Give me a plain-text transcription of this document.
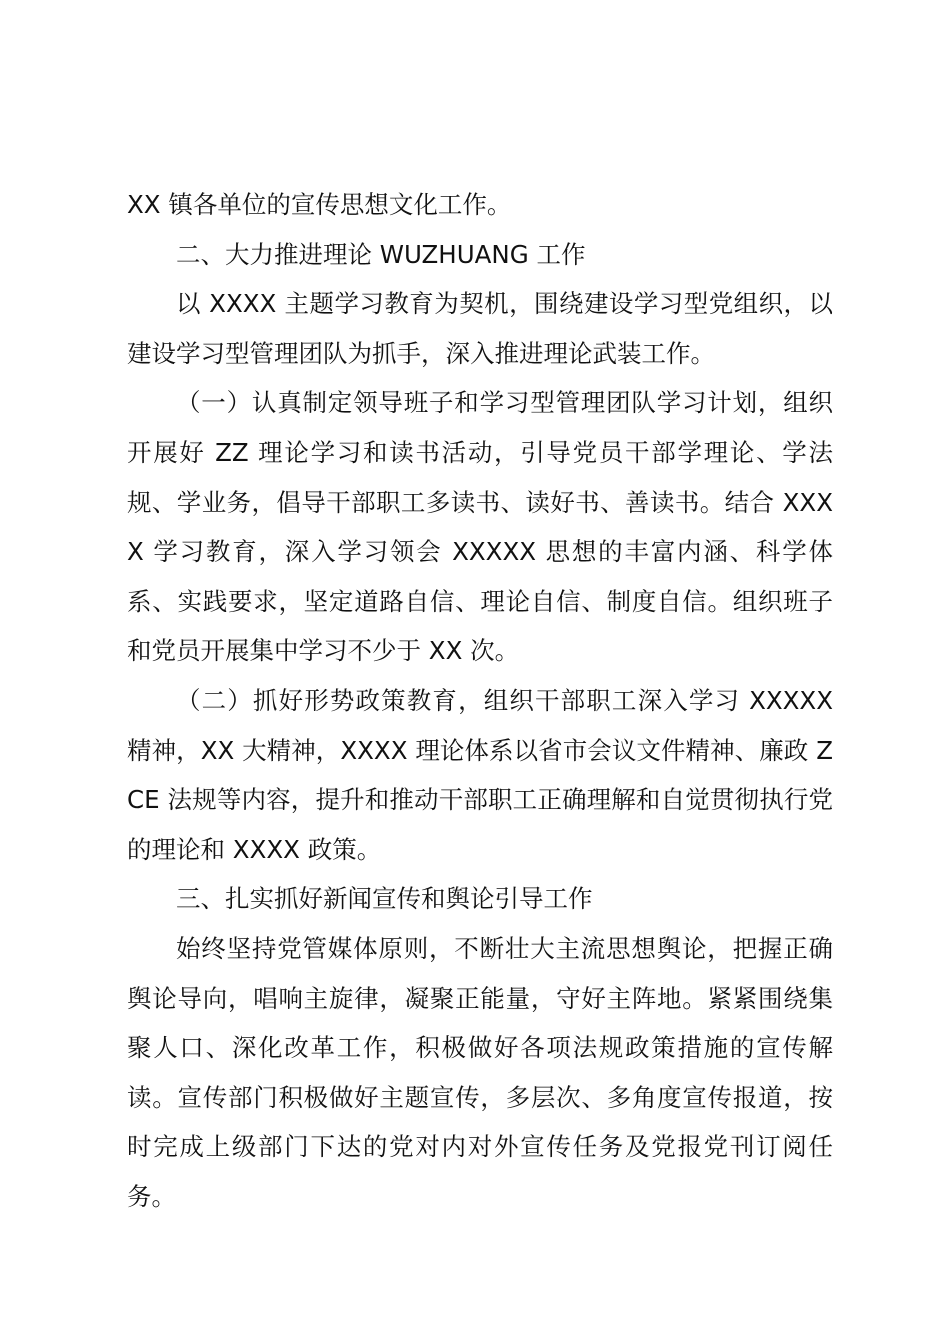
XX 镇各单位的宣传思想文化工作。

二、大力推进理论 WUZHUANG 工作

以 XXXX 主题学习教育为契机，围绕建设学习型党组织，以建设学习型管理团队为抓手，深入推进理论武装工作。

（一）认真制定领导班子和学习型管理团队学习计划，组织开展好 ZZ 理论学习和读书活动，引导党员干部学理论、学法规、学业务，倡导干部职工多读书、读好书、善读书。结合 XXXX 学习教育，深入学习领会 XXXXX 思想的丰富内涵、科学体系、实践要求，坚定道路自信、理论自信、制度自信。组织班子和党员开展集中学习不少于 XX 次。

（二）抓好形势政策教育，组织干部职工深入学习 XXXXX 精神，XX 大精神，XXXX 理论体系以省市会议文件精神、廉政 ZCE 法规等内容，提升和推动干部职工正确理解和自觉贯彻执行党的理论和 XXXX 政策。

三、扎实抓好新闻宣传和舆论引导工作

始终坚持党管媒体原则，不断壮大主流思想舆论，把握正确舆论导向，唱响主旋律，凝聚正能量，守好主阵地。紧紧围绕集聚人口、深化改革工作，积极做好各项法规政策措施的宣传解读。宣传部门积极做好主题宣传，多层次、多角度宣传报道，按时完成上级部门下达的党对内对外宣传任务及党报党刊订阅任务。
